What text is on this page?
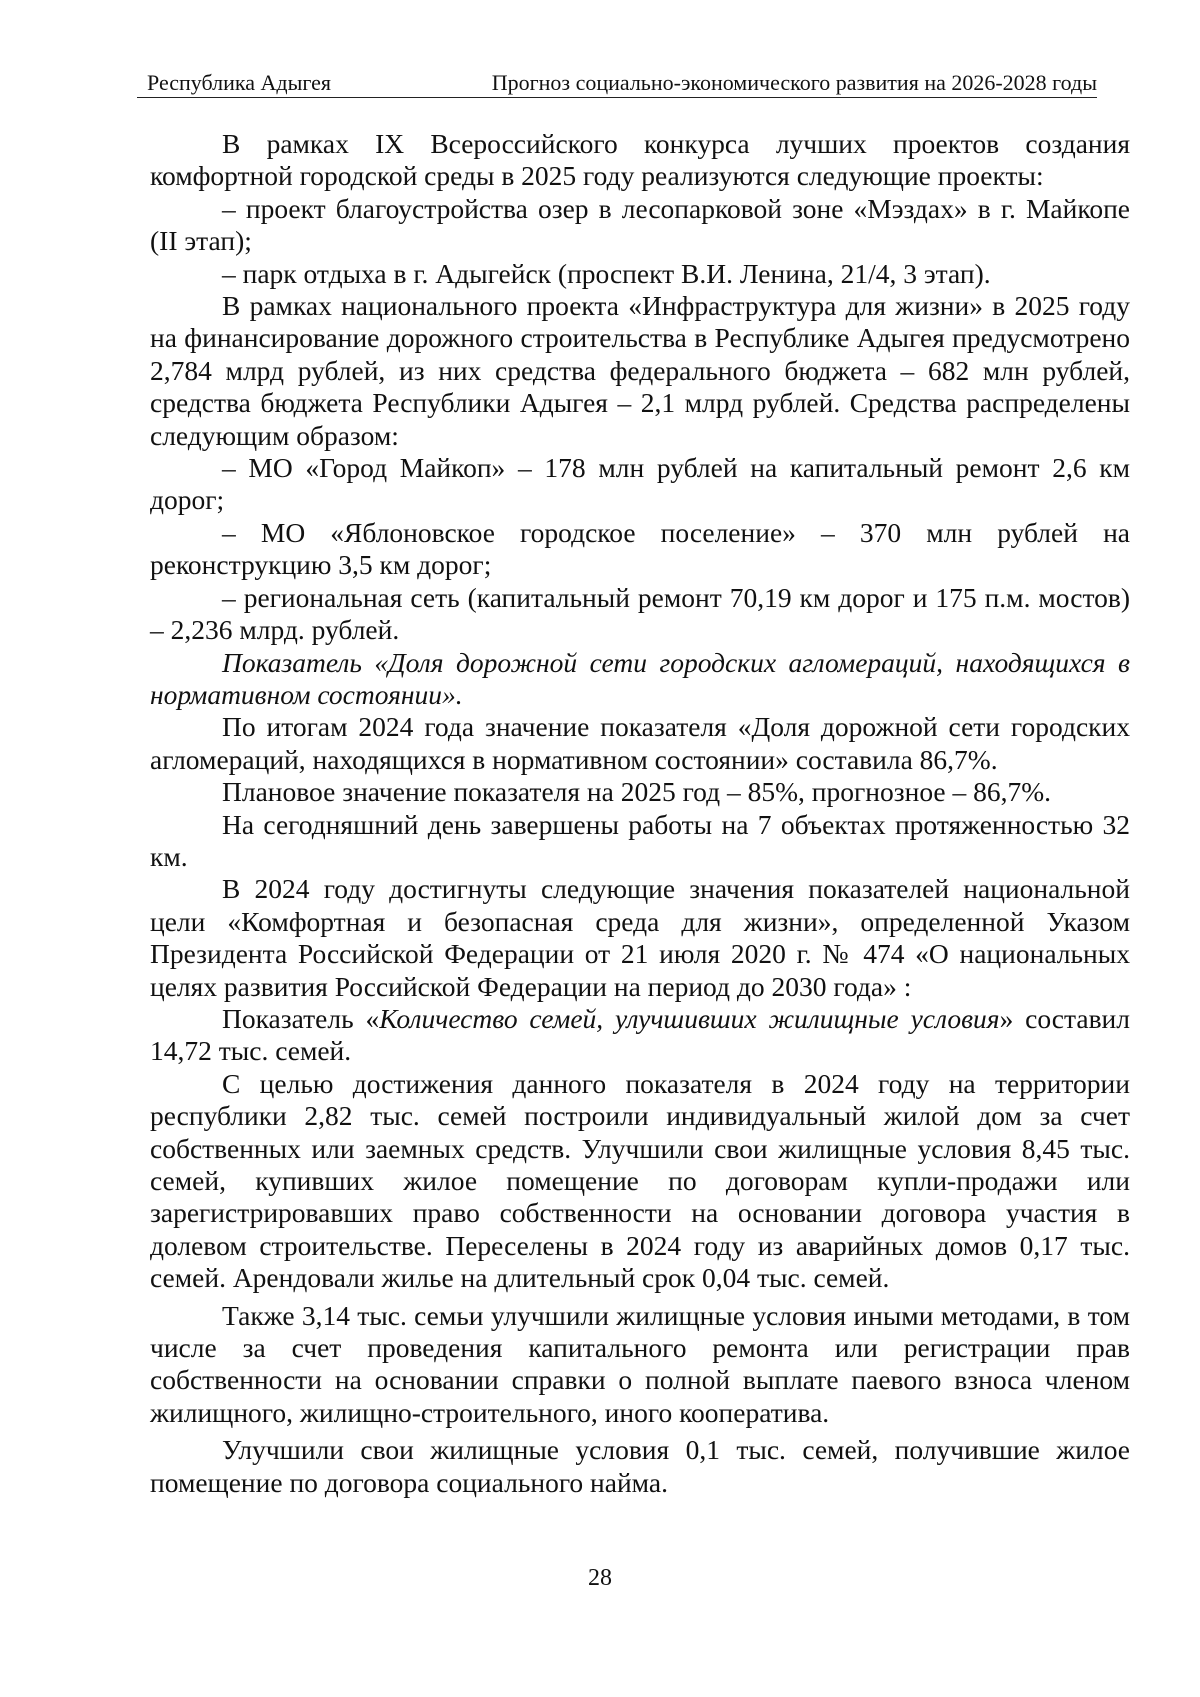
Республика Адыгея	Прогноз социально-экономического развития на 2026-2028 годы

В рамках IX Всероссийского конкурса лучших проектов создания комфортной городской среды в 2025 году реализуются следующие проекты:

– проект благоустройства озер в лесопарковой зоне «Мэздах» в г. Майкопе (II этап);

– парк отдыха в г. Адыгейск (проспект В.И. Ленина, 21/4, 3 этап).

В рамках национального проекта «Инфраструктура для жизни» в 2025 году на финансирование дорожного строительства в Республике Адыгея предусмотрено 2,784 млрд рублей, из них средства федерального бюджета – 682 млн рублей, средства бюджета Республики Адыгея – 2,1 млрд рублей. Средства распределены следующим образом:

– МО «Город Майкоп» – 178 млн рублей на капитальный ремонт 2,6 км дорог;

– МО «Яблоновское городское поселение» – 370 млн рублей на реконструкцию 3,5 км дорог;

– региональная сеть (капитальный ремонт 70,19 км дорог и 175 п.м. мостов) – 2,236 млрд. рублей.

Показатель «Доля дорожной сети городских агломераций, находящихся в нормативном состоянии».

По итогам 2024 года значение показателя «Доля дорожной сети городских агломераций, находящихся в нормативном состоянии» составила 86,7%.

Плановое значение показателя на 2025 год – 85%, прогнозное – 86,7%.

На сегодняшний день завершены работы на 7 объектах протяженностью 32 км.

В 2024 году достигнуты следующие значения показателей национальной цели «Комфортная и безопасная среда для жизни», определенной Указом Президента Российской Федерации от 21 июля 2020 г. № 474 «О национальных целях развития Российской Федерации на период до 2030 года» :

Показатель «Количество семей, улучшивших жилищные условия» составил 14,72 тыс. семей.

С целью достижения данного показателя в 2024 году на территории республики 2,82 тыс. семей построили индивидуальный жилой дом за счет собственных или заемных средств. Улучшили свои жилищные условия 8,45 тыс. семей, купивших жилое помещение по договорам купли-продажи или зарегистрировавших право собственности на основании договора участия в долевом строительстве. Переселены в 2024 году из аварийных домов 0,17 тыс. семей. Арендовали жилье на длительный срок 0,04 тыс. семей.

Также 3,14 тыс. семьи улучшили жилищные условия иными методами, в том числе за счет проведения капитального ремонта или регистрации прав собственности на основании справки о полной выплате паевого взноса членом жилищного, жилищно-строительного, иного кооператива.

Улучшили свои жилищные условия 0,1 тыс. семей, получившие жилое помещение по договора социального найма.

28
